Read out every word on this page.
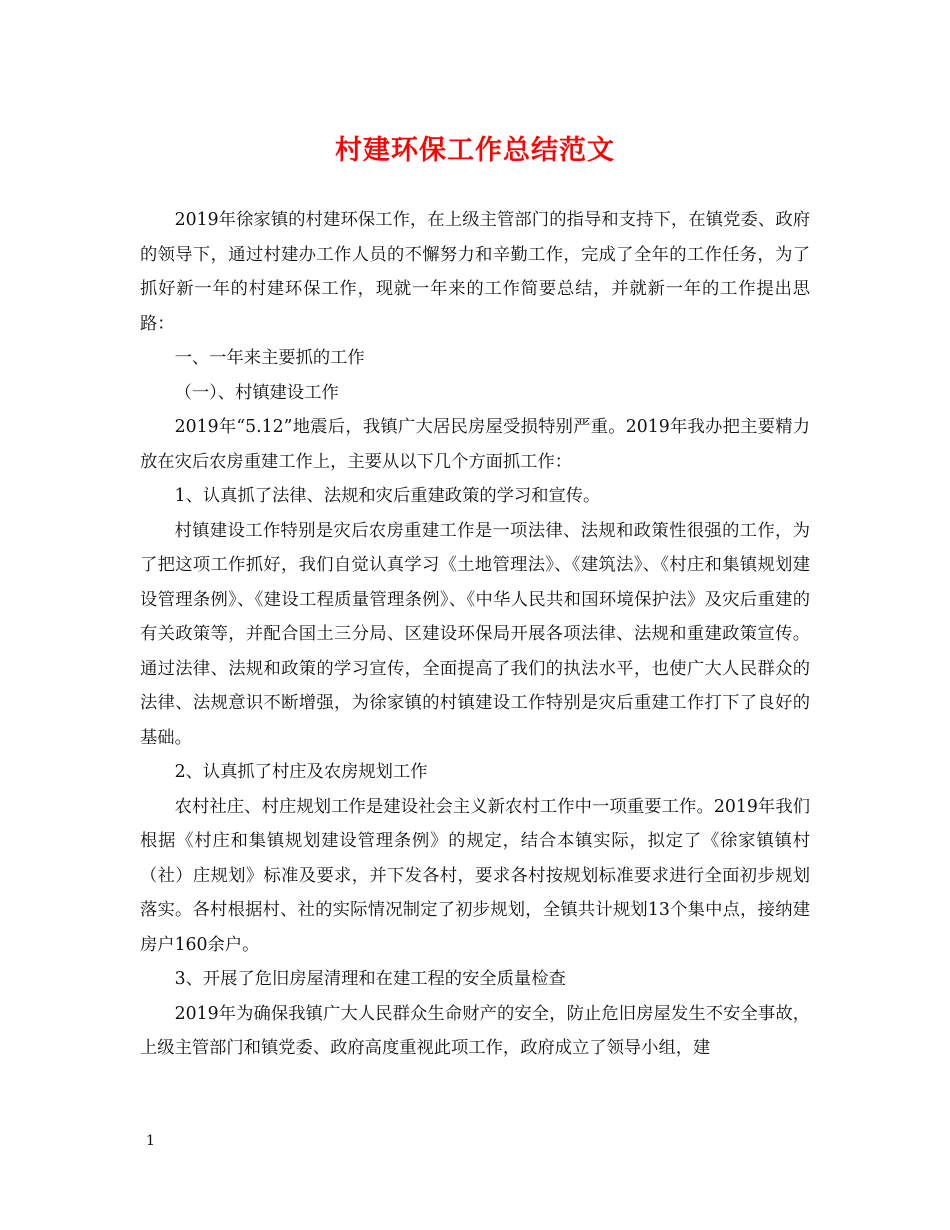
村建环保工作总结范文

2019年徐家镇的村建环保工作，在上级主管部门的指导和支持下，在镇党委、政府的领导下，通过村建办工作人员的不懈努力和辛勤工作，完成了全年的工作任务，为了抓好新一年的村建环保工作，现就一年来的工作简要总结，并就新一年的工作提出思路：

一、一年来主要抓的工作

（一）、村镇建设工作

2019年“5.12”地震后，我镇广大居民房屋受损特别严重。2019年我办把主要精力放在灾后农房重建工作上，主要从以下几个方面抓工作：

1、认真抓了法律、法规和灾后重建政策的学习和宣传。

村镇建设工作特别是灾后农房重建工作是一项法律、法规和政策性很强的工作，为了把这项工作抓好，我们自觉认真学习《土地管理法》、《建筑法》、《村庄和集镇规划建设管理条例》、《建设工程质量管理条例》、《中华人民共和国环境保护法》及灾后重建的有关政策等，并配合国土三分局、区建设环保局开展各项法律、法规和重建政策宣传。通过法律、法规和政策的学习宣传，全面提高了我们的执法水平，也使广大人民群众的法律、法规意识不断增强，为徐家镇的村镇建设工作特别是灾后重建工作打下了良好的基础。

2、认真抓了村庄及农房规划工作

农村社庄、村庄规划工作是建设社会主义新农村工作中一项重要工作。2019年我们根据《村庄和集镇规划建设管理条例》的规定，结合本镇实际，拟定了《徐家镇镇村（社）庄规划》标准及要求，并下发各村，要求各村按规划标准要求进行全面初步规划落实。各村根据村、社的实际情况制定了初步规划，全镇共计规划13个集中点，接纳建房户160余户。

3、开展了危旧房屋清理和在建工程的安全质量检查

2019年为确保我镇广大人民群众生命财产的安全，防止危旧房屋发生不安全事故，上级主管部门和镇党委、政府高度重视此项工作，政府成立了领导小组，建

1
